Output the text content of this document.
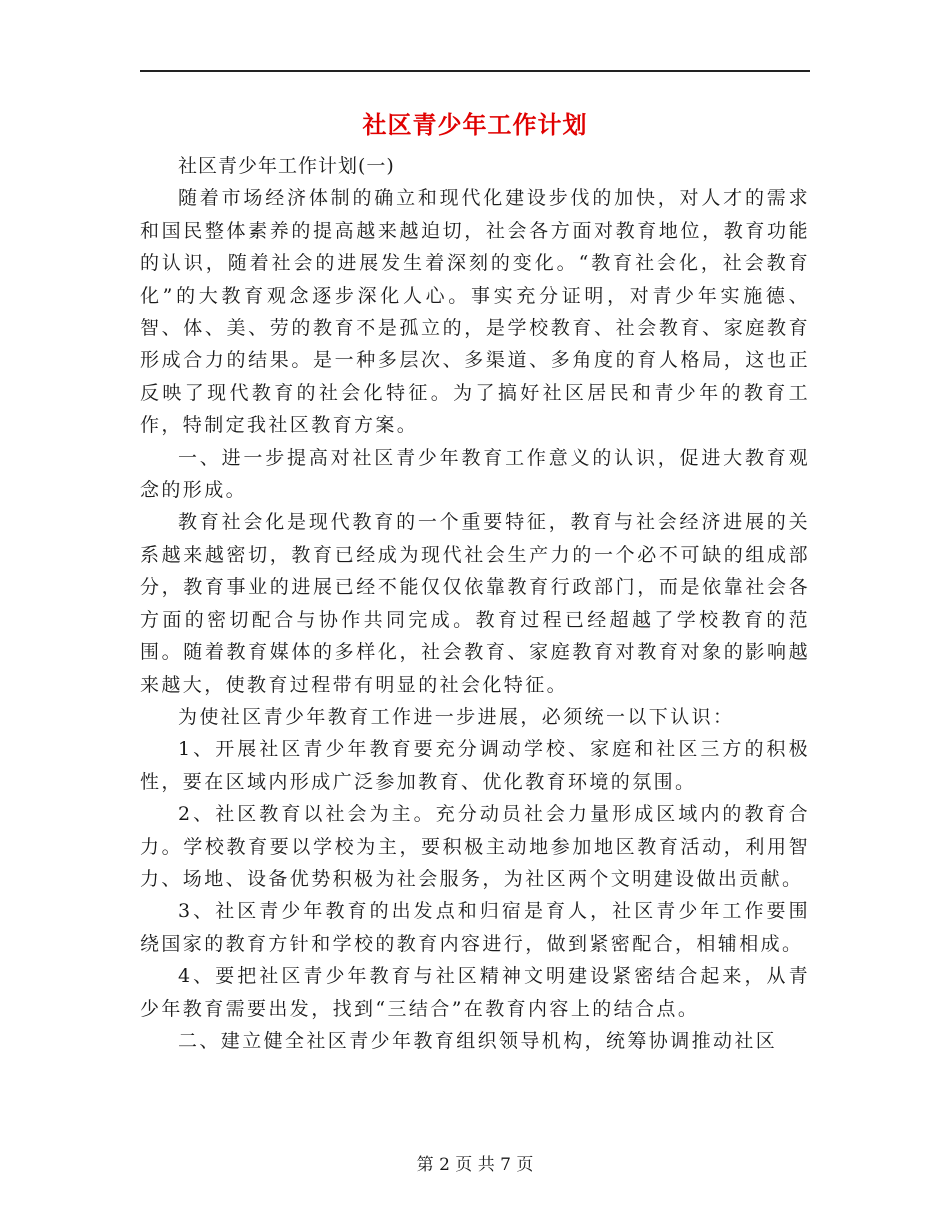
社区青少年工作计划

社区青少年工作计划(一)

随着市场经济体制的确立和现代化建设步伐的加快，对人才的需求和国民整体素养的提高越来越迫切，社会各方面对教育地位，教育功能的认识，随着社会的进展发生着深刻的变化。“教育社会化，社会教育化”的大教育观念逐步深化人心。事实充分证明，对青少年实施德、智、体、美、劳的教育不是孤立的，是学校教育、社会教育、家庭教育形成合力的结果。是一种多层次、多渠道、多角度的育人格局，这也正反映了现代教育的社会化特征。为了搞好社区居民和青少年的教育工作，特制定我社区教育方案。

一、进一步提高对社区青少年教育工作意义的认识，促进大教育观念的形成。

教育社会化是现代教育的一个重要特征，教育与社会经济进展的关系越来越密切，教育已经成为现代社会生产力的一个必不可缺的组成部分，教育事业的进展已经不能仅仅依靠教育行政部门，而是依靠社会各方面的密切配合与协作共同完成。教育过程已经超越了学校教育的范围。随着教育媒体的多样化，社会教育、家庭教育对教育对象的影响越来越大，使教育过程带有明显的社会化特征。

为使社区青少年教育工作进一步进展，必须统一以下认识：

1、开展社区青少年教育要充分调动学校、家庭和社区三方的积极性，要在区域内形成广泛参加教育、优化教育环境的氛围。

2、社区教育以社会为主。充分动员社会力量形成区域内的教育合力。学校教育要以学校为主，要积极主动地参加地区教育活动，利用智力、场地、设备优势积极为社会服务，为社区两个文明建设做出贡献。

3、社区青少年教育的出发点和归宿是育人，社区青少年工作要围绕国家的教育方针和学校的教育内容进行，做到紧密配合，相辅相成。

4、要把社区青少年教育与社区精神文明建设紧密结合起来，从青少年教育需要出发，找到“三结合”在教育内容上的结合点。

二、建立健全社区青少年教育组织领导机构，统筹协调推动社区

第 2 页 共 7 页
